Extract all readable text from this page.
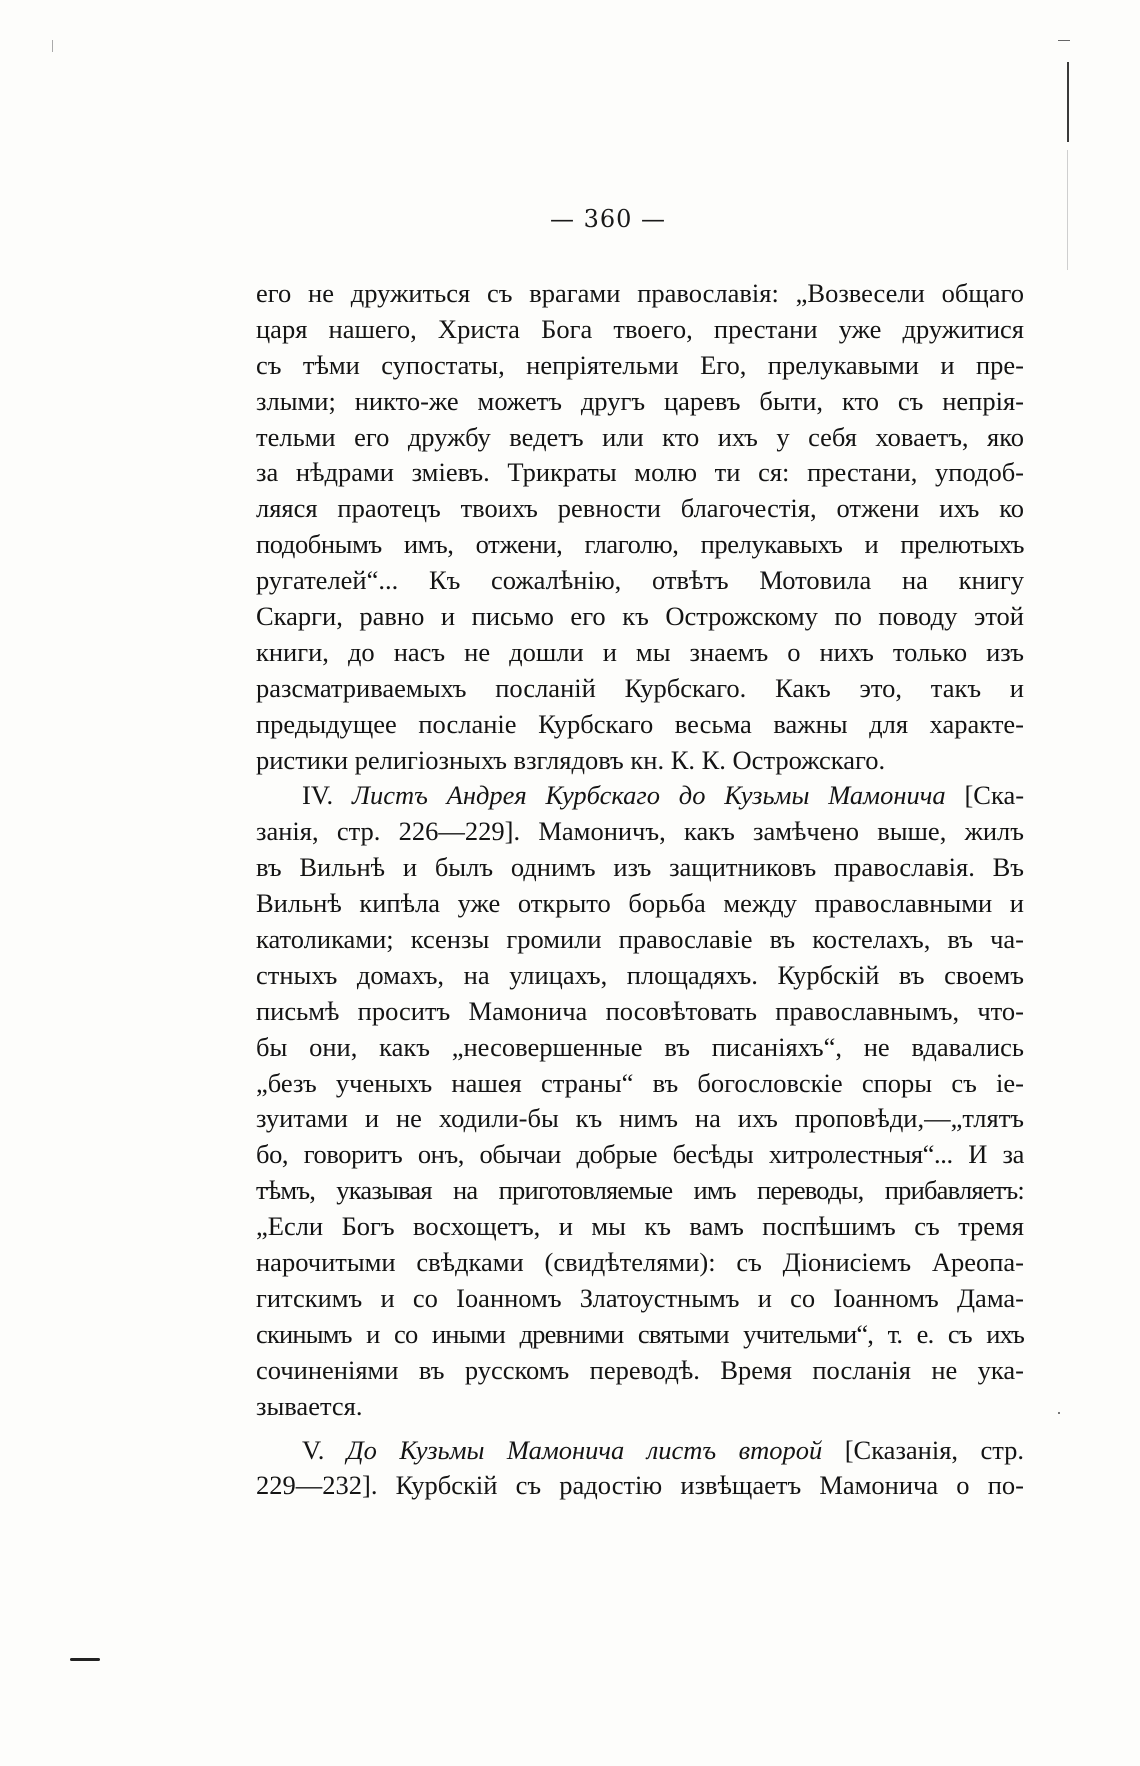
— 360 —
его не дружиться съ врагами православія: „Возвесели общаго
царя нашего, Христа Бога твоего, престани уже дружитися
съ тѣми супостаты, непріятельми Его, прелукавыми и пре-
злыми; никто-же можетъ другъ царевъ быти, кто съ непрія-
тельми его дружбу ведетъ или кто ихъ у себя ховаетъ, яко
за нѣдрами зміевъ. Трикраты молю ти ся: престани, уподоб-
ляяся праотецъ твоихъ ревности благочестія, отжени ихъ ко
подобнымъ имъ, отжени, глаголю, прелукавыхъ и прелютыхъ
ругателей“... Къ сожалѣнію, отвѣтъ Мотовила на книгу
Скарги, равно и письмо его къ Острожскому по поводу этой
книги, до насъ не дошли и мы знаемъ о нихъ только изъ
разсматриваемыхъ посланій Курбскаго. Какъ это, такъ и
предыдущее посланіе Курбскаго весьма важны для характе-
ристики религіозныхъ взглядовъ кн. К. К. Острожскаго.
IV. Листъ Андрея Курбскаго до Кузьмы Мамонича [Ска-
занія, стр. 226—229]. Мамоничъ, какъ замѣчено выше, жилъ
въ Вильнѣ и былъ однимъ изъ защитниковъ православія. Въ
Вильнѣ кипѣла уже открыто борьба между православными и
католиками; ксензы громили православіе въ костелахъ, въ ча-
стныхъ домахъ, на улицахъ, площадяхъ. Курбскій въ своемъ
письмѣ проситъ Мамонича посовѣтовать православнымъ, что-
бы они, какъ „несовершенные въ писаніяхъ“, не вдавались
„безъ ученыхъ нашея страны“ въ богословскіе споры съ іе-
зуитами и не ходили-бы къ нимъ на ихъ проповѣди,—„тлятъ
бо, говоритъ онъ, обычаи добрые бесѣды хитролестныя“... И за
тѣмъ, указывая на приготовляемые имъ переводы, прибавляетъ:
„Если Богъ восхощетъ, и мы къ вамъ поспѣшимъ съ тремя
нарочитыми свѣдками (свидѣтелями): съ Діонисіемъ Ареопа-
гитскимъ и со Іоанномъ Златоустнымъ и со Іоанномъ Дама-
скинымъ и со иными древними святыми учительми“, т. е. съ ихъ
сочиненіями въ русскомъ переводѣ. Время посланія не ука-
зывается.
V. До Кузьмы Мамонича листъ второй [Сказанія, стр.
229—232]. Курбскій съ радостію извѣщаетъ Мамонича о по-
